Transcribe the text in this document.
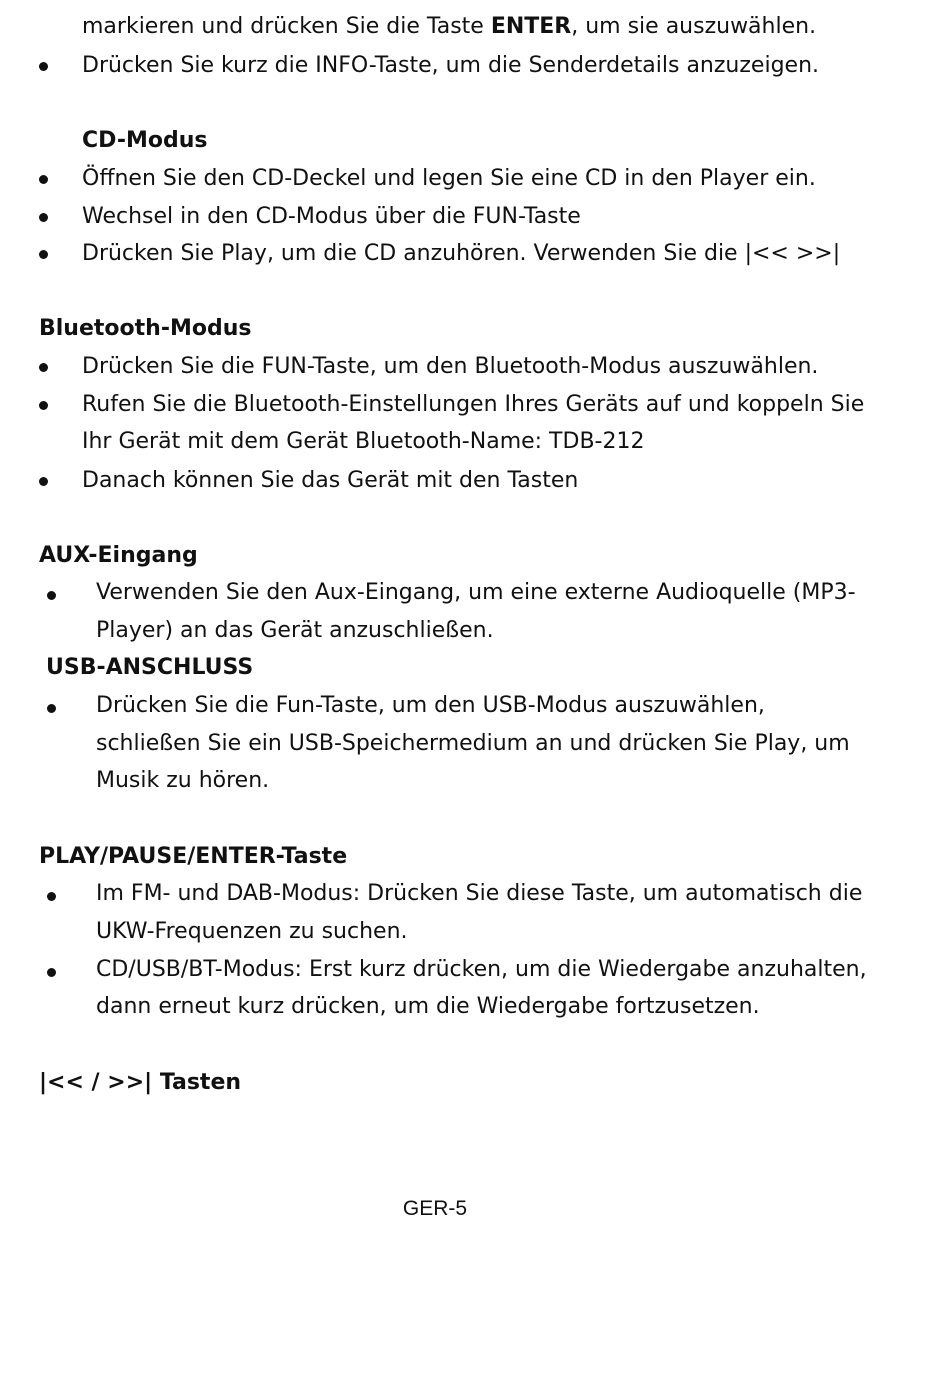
markieren und drücken Sie die Taste ENTER, um sie auszuwählen.
Drücken Sie kurz die INFO-Taste, um die Senderdetails anzuzeigen.
CD-Modus
Öffnen Sie den CD-Deckel und legen Sie eine CD in den Player ein.
Wechsel in den CD-Modus über die FUN-Taste
Drücken Sie Play, um die CD anzuhören. Verwenden Sie die |<< >>|
Bluetooth-Modus
Drücken Sie die FUN-Taste, um den Bluetooth-Modus auszuwählen.
Rufen Sie die Bluetooth-Einstellungen Ihres Geräts auf und koppeln Sie
Ihr Gerät mit dem Gerät Bluetooth-Name: TDB-212
Danach können Sie das Gerät mit den Tasten
AUX-Eingang
Verwenden Sie den Aux-Eingang, um eine externe Audioquelle (MP3-
Player) an das Gerät anzuschließen.
USB-ANSCHLUSS
Drücken Sie die Fun-Taste, um den USB-Modus auszuwählen,
schließen Sie ein USB-Speichermedium an und drücken Sie Play, um
Musik zu hören.
PLAY/PAUSE/ENTER-Taste
Im FM- und DAB-Modus: Drücken Sie diese Taste, um automatisch die
UKW-Frequenzen zu suchen.
CD/USB/BT-Modus: Erst kurz drücken, um die Wiedergabe anzuhalten,
dann erneut kurz drücken, um die Wiedergabe fortzusetzen.
|<< / >>| Tasten
GER-5
